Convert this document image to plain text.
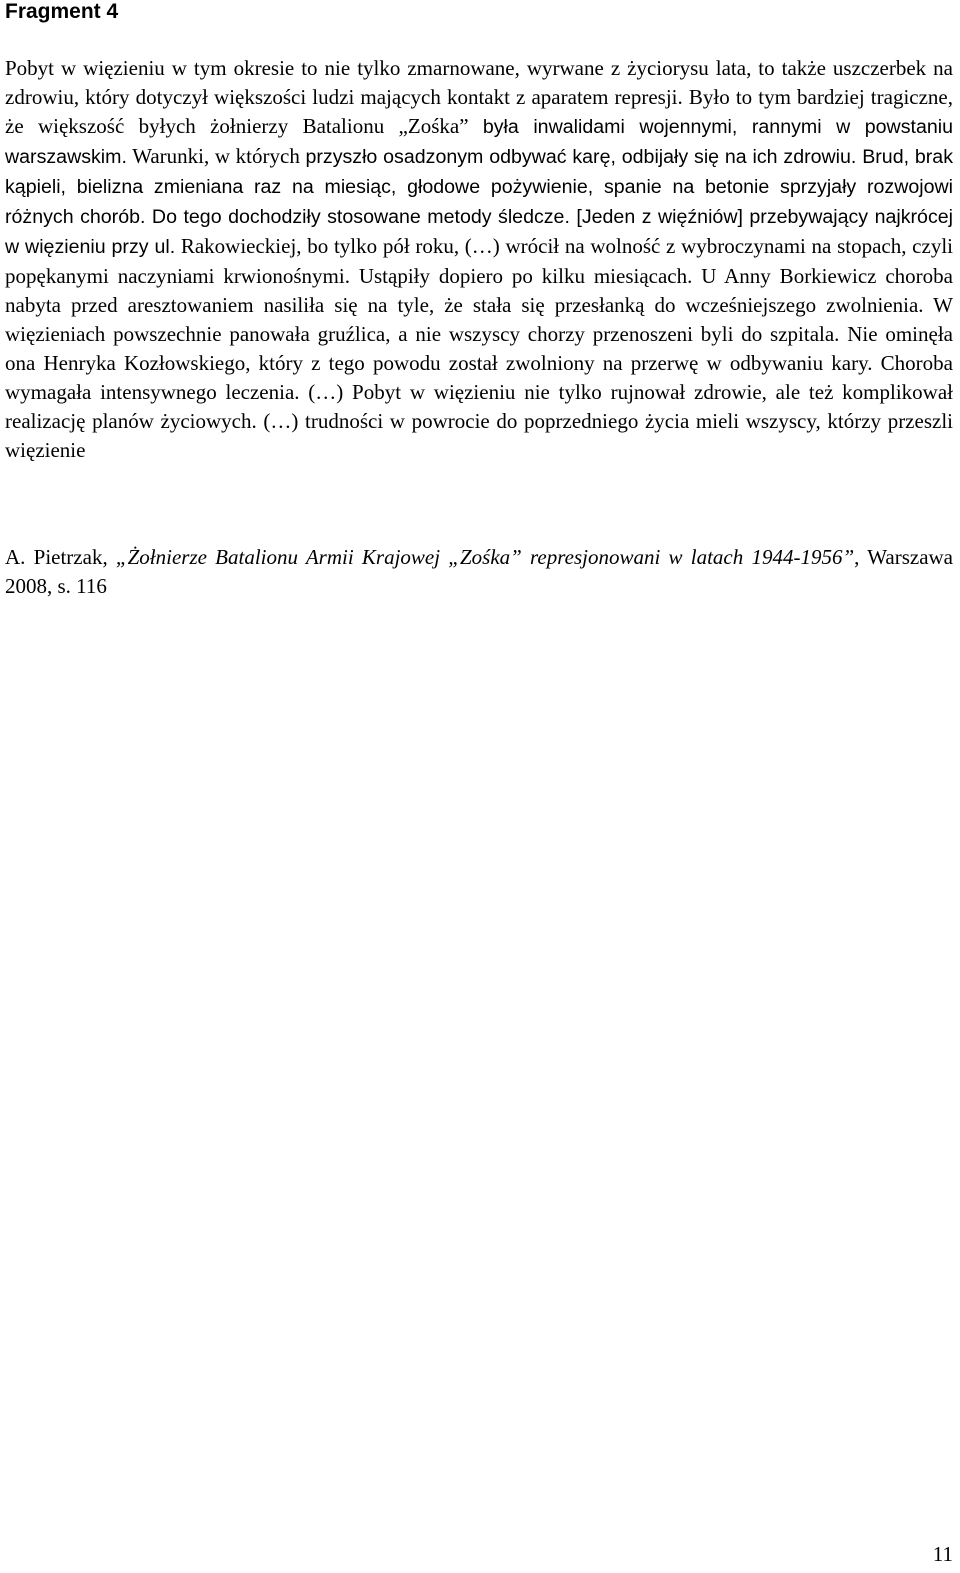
Fragment 4

Pobyt w więzieniu w tym okresie to nie tylko zmarnowane, wyrwane z życiorysu lata, to także uszczerbek na zdrowiu, który dotyczył większości ludzi mających kontakt z aparatem represji. Było to tym bardziej tragiczne, że większość byłych żołnierzy Batalionu „Zośka” była inwalidami wojennymi, rannymi w powstaniu warszawskim. Warunki, w których przyszło osadzonym odbywać karę, odbijały się na ich zdrowiu. Brud, brak kąpieli, bielizna zmieniana raz na miesiąc, głodowe pożywienie, spanie na betonie sprzyjały rozwojowi różnych chorób. Do tego dochodziły stosowane metody śledcze. [Jeden z więźniów] przebywający najkrócej w więzieniu przy ul. Rakowieckiej, bo tylko pół roku, (…) wrócił na wolność z wybroczynami na stopach, czyli popękanymi naczyniami krwionośnymi. Ustąpiły dopiero po kilku miesiącach. U Anny Borkiewicz choroba nabyta przed aresztowaniem nasiliła się na tyle, że stała się przesłanką do wcześniejszego zwolnienia. W więzieniach powszechnie panowała gruźlica, a nie wszyscy chorzy przenoszeni byli do szpitala. Nie ominęła ona Henryka Kozłowskiego, który z tego powodu został zwolniony na przerwę w odbywaniu kary. Choroba wymagała intensywnego leczenia. (…) Pobyt w więzieniu nie tylko rujnował zdrowie, ale też komplikował realizację planów życiowych. (…) trudności w powrocie do poprzedniego życia mieli wszyscy, którzy przeszli więzienie

A. Pietrzak, „Żołnierze Batalionu Armii Krajowej „Zośka” represjonowani w latach 1944-1956”, Warszawa 2008, s. 116

11
